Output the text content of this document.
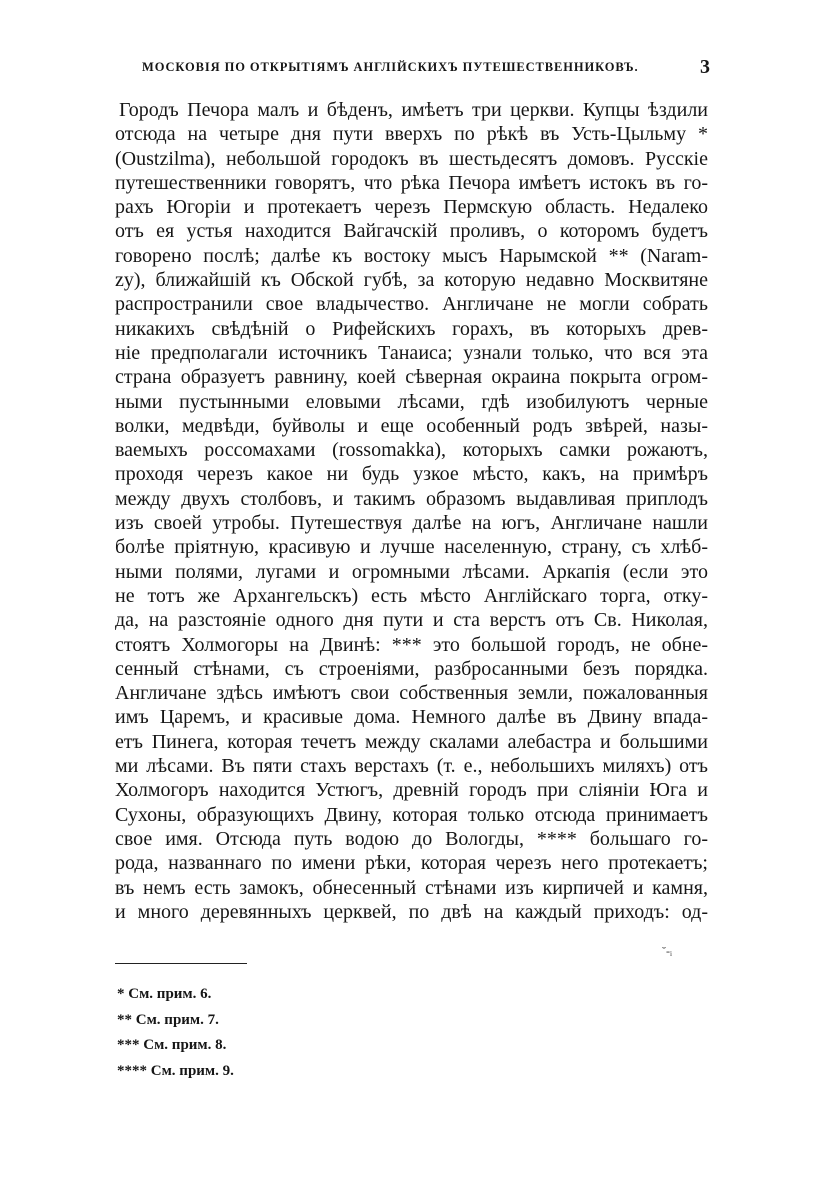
МОСКОВІЯ ПО ОТКРЫТІЯМЪ АНГЛІЙСКИХЪ ПУТЕШЕСТВЕННИКОВЪ.	3
Городъ Печора малъ и бѣденъ, имѣетъ три церкви. Купцы ѣздили
отсюда на четыре дня пути вверхъ по рѣкѣ въ Усть-Цыльму *
(Oustzilma), небольшой городокъ въ шестьдесятъ домовъ. Русскіе
путешественники говорятъ, что рѣка Печора имѣетъ истокъ въ го-
рахъ Югоріи и протекаетъ черезъ Пермскую область. Недалеко
отъ ея устья находится Вайгачскій проливъ, о которомъ будетъ
говорено послѣ; далѣе къ востоку мысъ Нарымской ** (Naram-
zy), ближайшій къ Обской губѣ, за которую недавно Москвитяне
распространили свое владычество. Англичане не могли собрать
никакихъ свѣдѣній о Рифейскихъ горахъ, въ которыхъ древ-
ніе предполагали источникъ Танаиса; узнали только, что вся эта
страна образуетъ равнину, коей сѣверная окраина покрыта огром-
ными пустынными еловыми лѣсами, гдѣ изобилуютъ черные
волки, медвѣди, буйволы и еще особенный родъ звѣрей, назы-
ваемыхъ россомахами (rossomakka), которыхъ самки рожаютъ,
проходя черезъ какое ни будь узкое мѣсто, какъ, на примѣръ
между двухъ столбовъ, и такимъ образомъ выдавливая приплодъ
изъ своей утробы. Путешествуя далѣе на югъ, Англичане нашли
болѣе пріятную, красивую и лучше населенную, страну, съ хлѣб-
ными полями, лугами и огромными лѣсами. Аркапія (если это
не тотъ же Архангельскъ) есть мѣсто Англійскаго торга, отку-
да, на разстояніе одного дня пути и ста верстъ отъ Св. Николая,
стоятъ Холмогоры на Двинѣ: *** это большой городъ, не обне-
сенный стѣнами, съ строеніями, разбросанными безъ порядка.
Англичане здѣсь имѣютъ свои собственныя земли, пожалованныя
имъ Царемъ, и красивые дома. Немного далѣе въ Двину впада-
етъ Пинега, которая течетъ между скалами алебастра и большими
ми лѣсами. Въ пяти стахъ верстахъ (т. е., небольшихъ миляхъ) отъ
Холмогоръ находится Устюгъ, древній городъ при сліяніи Юга и
Сухоны, образующихъ Двину, которая только отсюда принимаетъ
свое имя. Отсюда путь водою до Вологды, **** большаго го-
рода, названнаго по имени рѣки, которая черезъ него протекаетъ;
въ немъ есть замокъ, обнесенный стѣнами изъ кирпичей и камня,
и много деревянныхъ церквей, по двѣ на каждый приходъ: од-
˘-ᵢ
* См. прим. 6.
** См. прим. 7.
*** См. прим. 8.
**** См. прим. 9.
